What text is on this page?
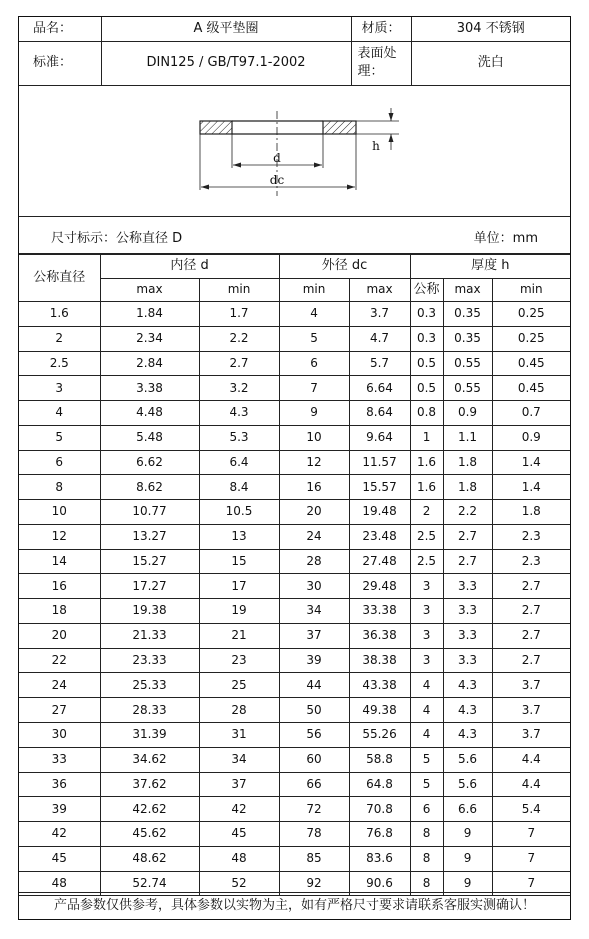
品名：	A 级平垫圈	材质：	304 不锈钢
标准：	DIN125 / GB/T97.1-2002	表面处
理：	洗白
d
dc
h
尺寸标示：公称直径 D	单位：mm
公称直径	内径 d		外径 dc		厚度 h		
	max	min	min	max	公称	max	min
1.6	1.84	1.7	4	3.7	0.3	0.35	0.25
2	2.34	2.2	5	4.7	0.3	0.35	0.25
2.5	2.84	2.7	6	5.7	0.5	0.55	0.45
3	3.38	3.2	7	6.64	0.5	0.55	0.45
4	4.48	4.3	9	8.64	0.8	0.9	0.7
5	5.48	5.3	10	9.64	1	1.1	0.9
6	6.62	6.4	12	11.57	1.6	1.8	1.4
8	8.62	8.4	16	15.57	1.6	1.8	1.4
10	10.77	10.5	20	19.48	2	2.2	1.8
12	13.27	13	24	23.48	2.5	2.7	2.3
14	15.27	15	28	27.48	2.5	2.7	2.3
16	17.27	17	30	29.48	3	3.3	2.7
18	19.38	19	34	33.38	3	3.3	2.7
20	21.33	21	37	36.38	3	3.3	2.7
22	23.33	23	39	38.38	3	3.3	2.7
24	25.33	25	44	43.38	4	4.3	3.7
27	28.33	28	50	49.38	4	4.3	3.7
30	31.39	31	56	55.26	4	4.3	3.7
33	34.62	34	60	58.8	5	5.6	4.4
36	37.62	37	66	64.8	5	5.6	4.4
39	42.62	42	72	70.8	6	6.6	5.4
42	45.62	45	78	76.8	8	9	7
45	48.62	48	85	83.6	8	9	7
48	52.74	52	92	90.6	8	9	7
产品参数仅供参考，具体参数以实物为主，如有严格尺寸要求请联系客服实测确认！
